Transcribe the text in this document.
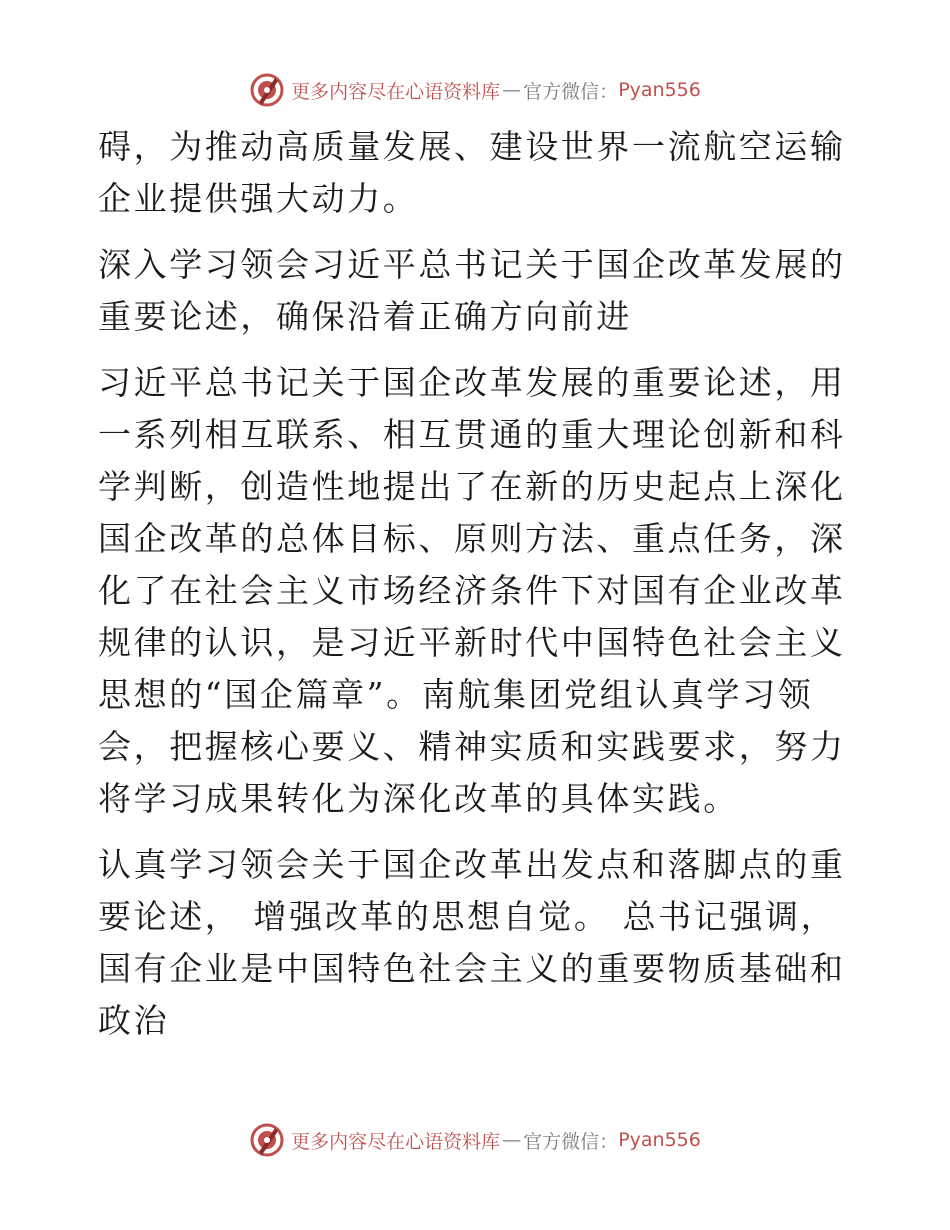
更多内容尽在心语资料库 — 官方微信： Pyan556

碍，为推动高质量发展、建设世界一流航空运输企业提供强大动力。

深入学习领会习近平总书记关于国企改革发展的重要论述，确保沿着正确方向前进

习近平总书记关于国企改革发展的重要论述，用一系列相互联系、相互贯通的重大理论创新和科学判断，创造性地提出了在新的历史起点上深化国企改革的总体目标、原则方法、重点任务，深化了在社会主义市场经济条件下对国有企业改革规律的认识，是习近平新时代中国特色社会主义思想的“国企篇章”。南航集团党组认真学习领会，把握核心要义、精神实质和实践要求，努力将学习成果转化为深化改革的具体实践。

认真学习领会关于国企改革出发点和落脚点的重要论述， 增强改革的思想自觉。 总书记强调，国有企业是中国特色社会主义的重要物质基础和政治

更多内容尽在心语资料库 — 官方微信： Pyan556
